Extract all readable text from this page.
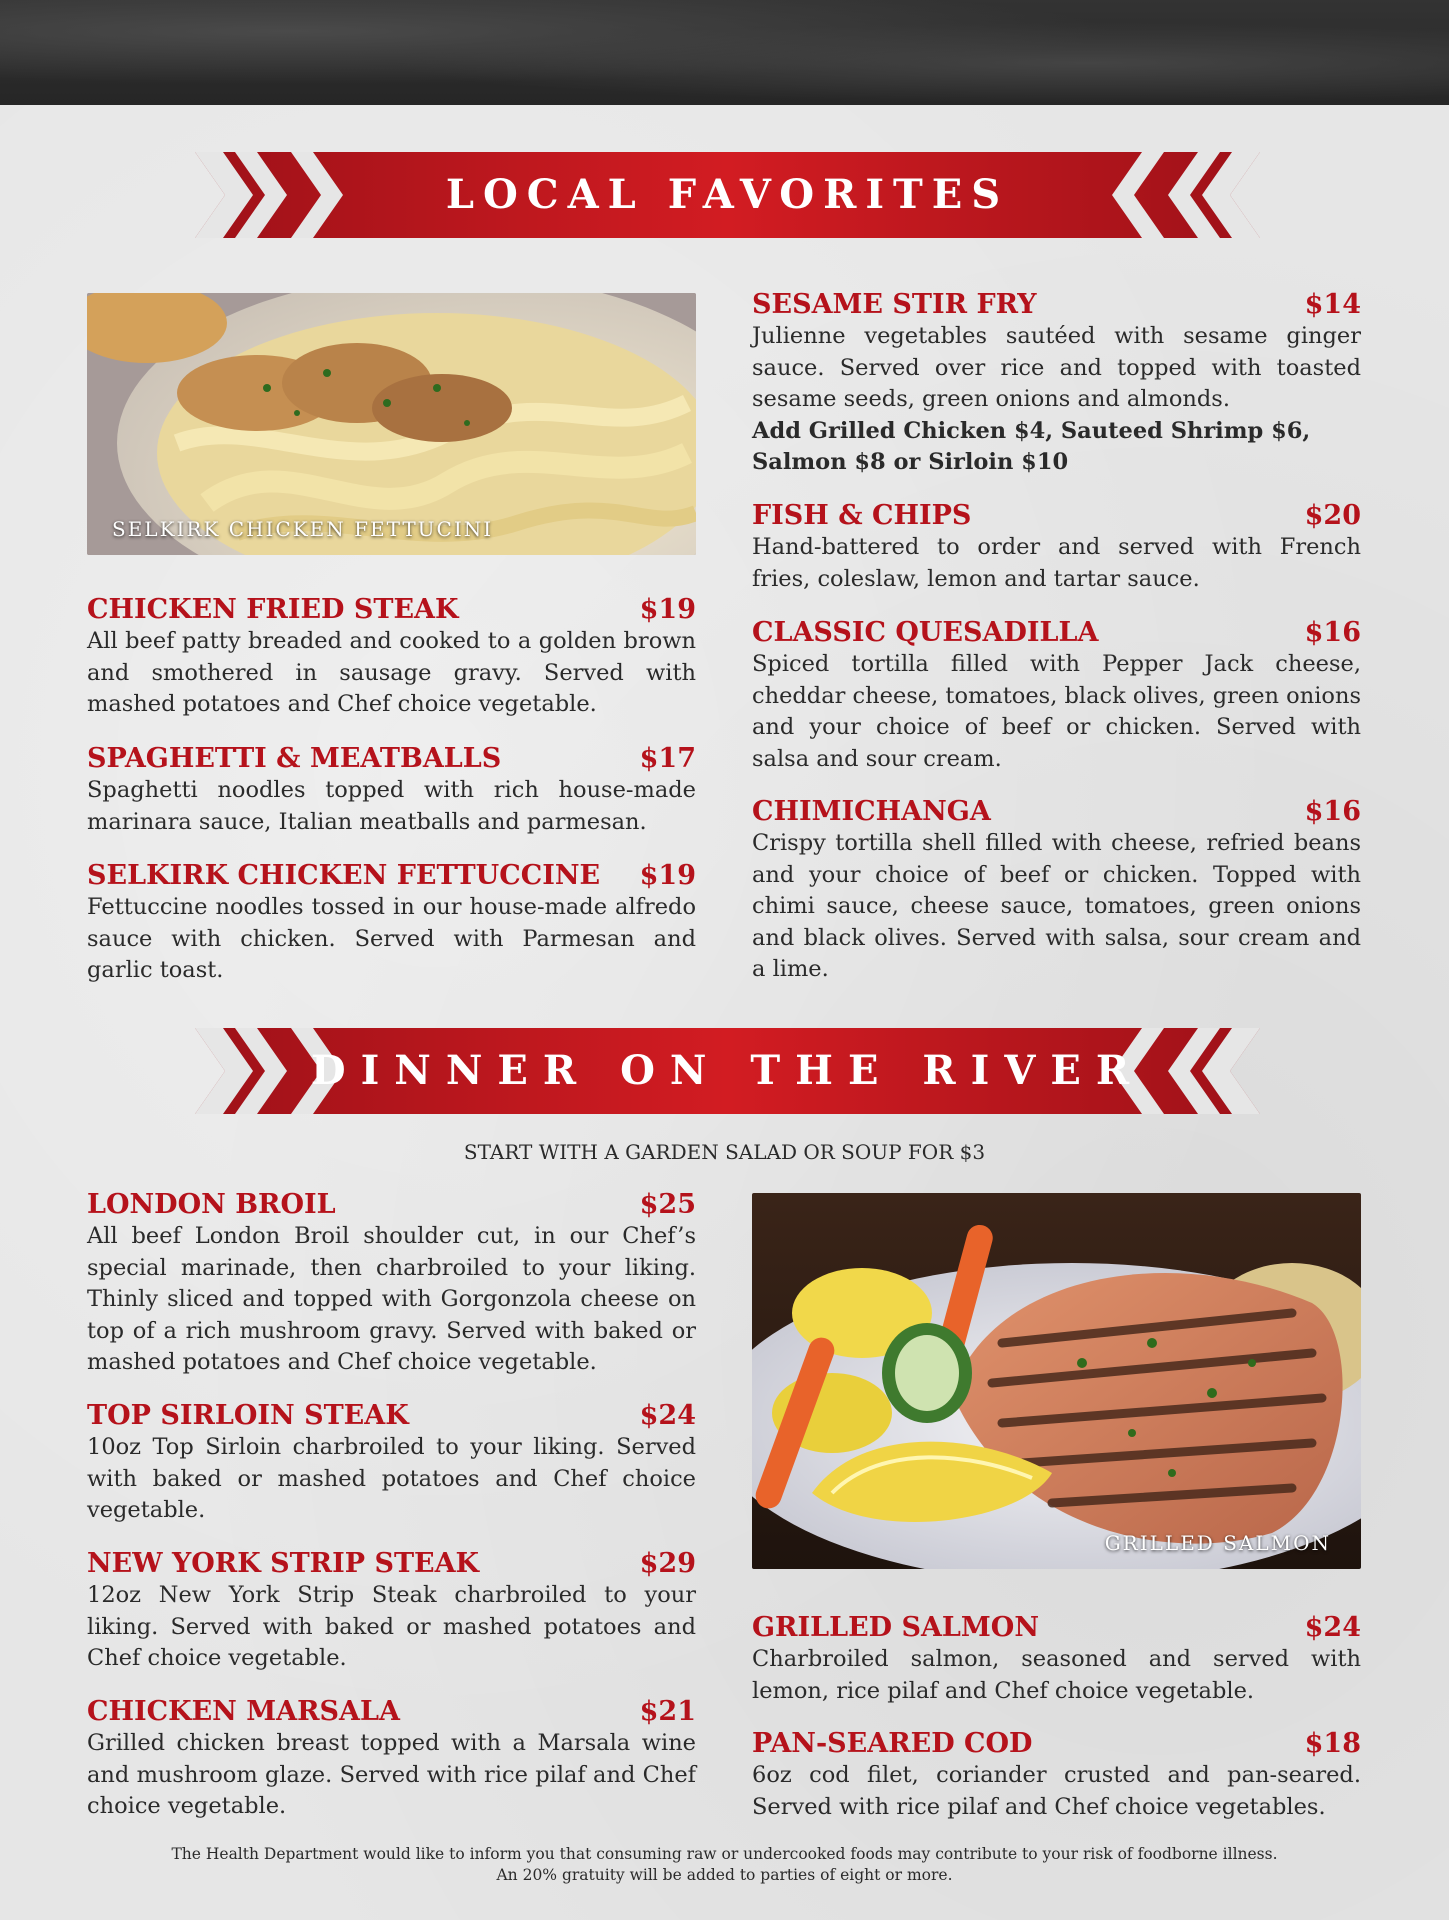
LOCAL FAVORITES
SELKIRK CHICKEN FETTUCINI
CHICKEN FRIED STEAK	$19
All beef patty breaded and cooked to a golden brown and smothered in sausage gravy. Served with mashed potatoes and Chef choice vegetable.
SPAGHETTI & MEATBALLS	$17
Spaghetti noodles topped with rich house-made marinara sauce, Italian meatballs and parmesan.
SELKIRK CHICKEN FETTUCCINE $19
Fettuccine noodles tossed in our house-made alfredo sauce with chicken. Served with Parmesan and garlic toast.
SESAME STIR FRY	$14
Julienne vegetables sautéed with sesame ginger sauce. Served over rice and topped with toasted sesame seeds, green onions and almonds.
Add Grilled Chicken $4, Sauteed Shrimp $6, Salmon $8 or Sirloin $10
FISH & CHIPS	$20
Hand-battered to order and served with French fries, coleslaw, lemon and tartar sauce.
CLASSIC QUESADILLA	$16
Spiced tortilla filled with Pepper Jack cheese, cheddar cheese, tomatoes, black olives, green onions and your choice of beef or chicken. Served with salsa and sour cream.
CHIMICHANGA	$16
Crispy tortilla shell filled with cheese, refried beans and your choice of beef or chicken. Topped with chimi sauce, cheese sauce, tomatoes, green onions and black olives. Served with salsa, sour cream and a lime.
DINNER ON THE RIVER
START WITH A GARDEN SALAD OR SOUP FOR $3
LONDON BROIL	$25
All beef London Broil shoulder cut, in our Chef’s special marinade, then charbroiled to your liking. Thinly sliced and topped with Gorgonzola cheese on top of a rich mushroom gravy. Served with baked or mashed potatoes and Chef choice vegetable.
TOP SIRLOIN STEAK	$24
10oz Top Sirloin charbroiled to your liking. Served with baked or mashed potatoes and Chef choice vegetable.
NEW YORK STRIP STEAK	$29
12oz New York Strip Steak charbroiled to your liking. Served with baked or mashed potatoes and Chef choice vegetable.
CHICKEN MARSALA	$21
Grilled chicken breast topped with a Marsala wine and mushroom glaze. Served with rice pilaf and Chef choice vegetable.
GRILLED SALMON
GRILLED SALMON	$24
Charbroiled salmon, seasoned and served with lemon, rice pilaf and Chef choice vegetable.
PAN-SEARED COD	$18
6oz cod filet, coriander crusted and pan-seared. Served with rice pilaf and Chef choice vegetables.
The Health Department would like to inform you that consuming raw or undercooked foods may contribute to your risk of foodborne illness.
An 20% gratuity will be added to parties of eight or more.
